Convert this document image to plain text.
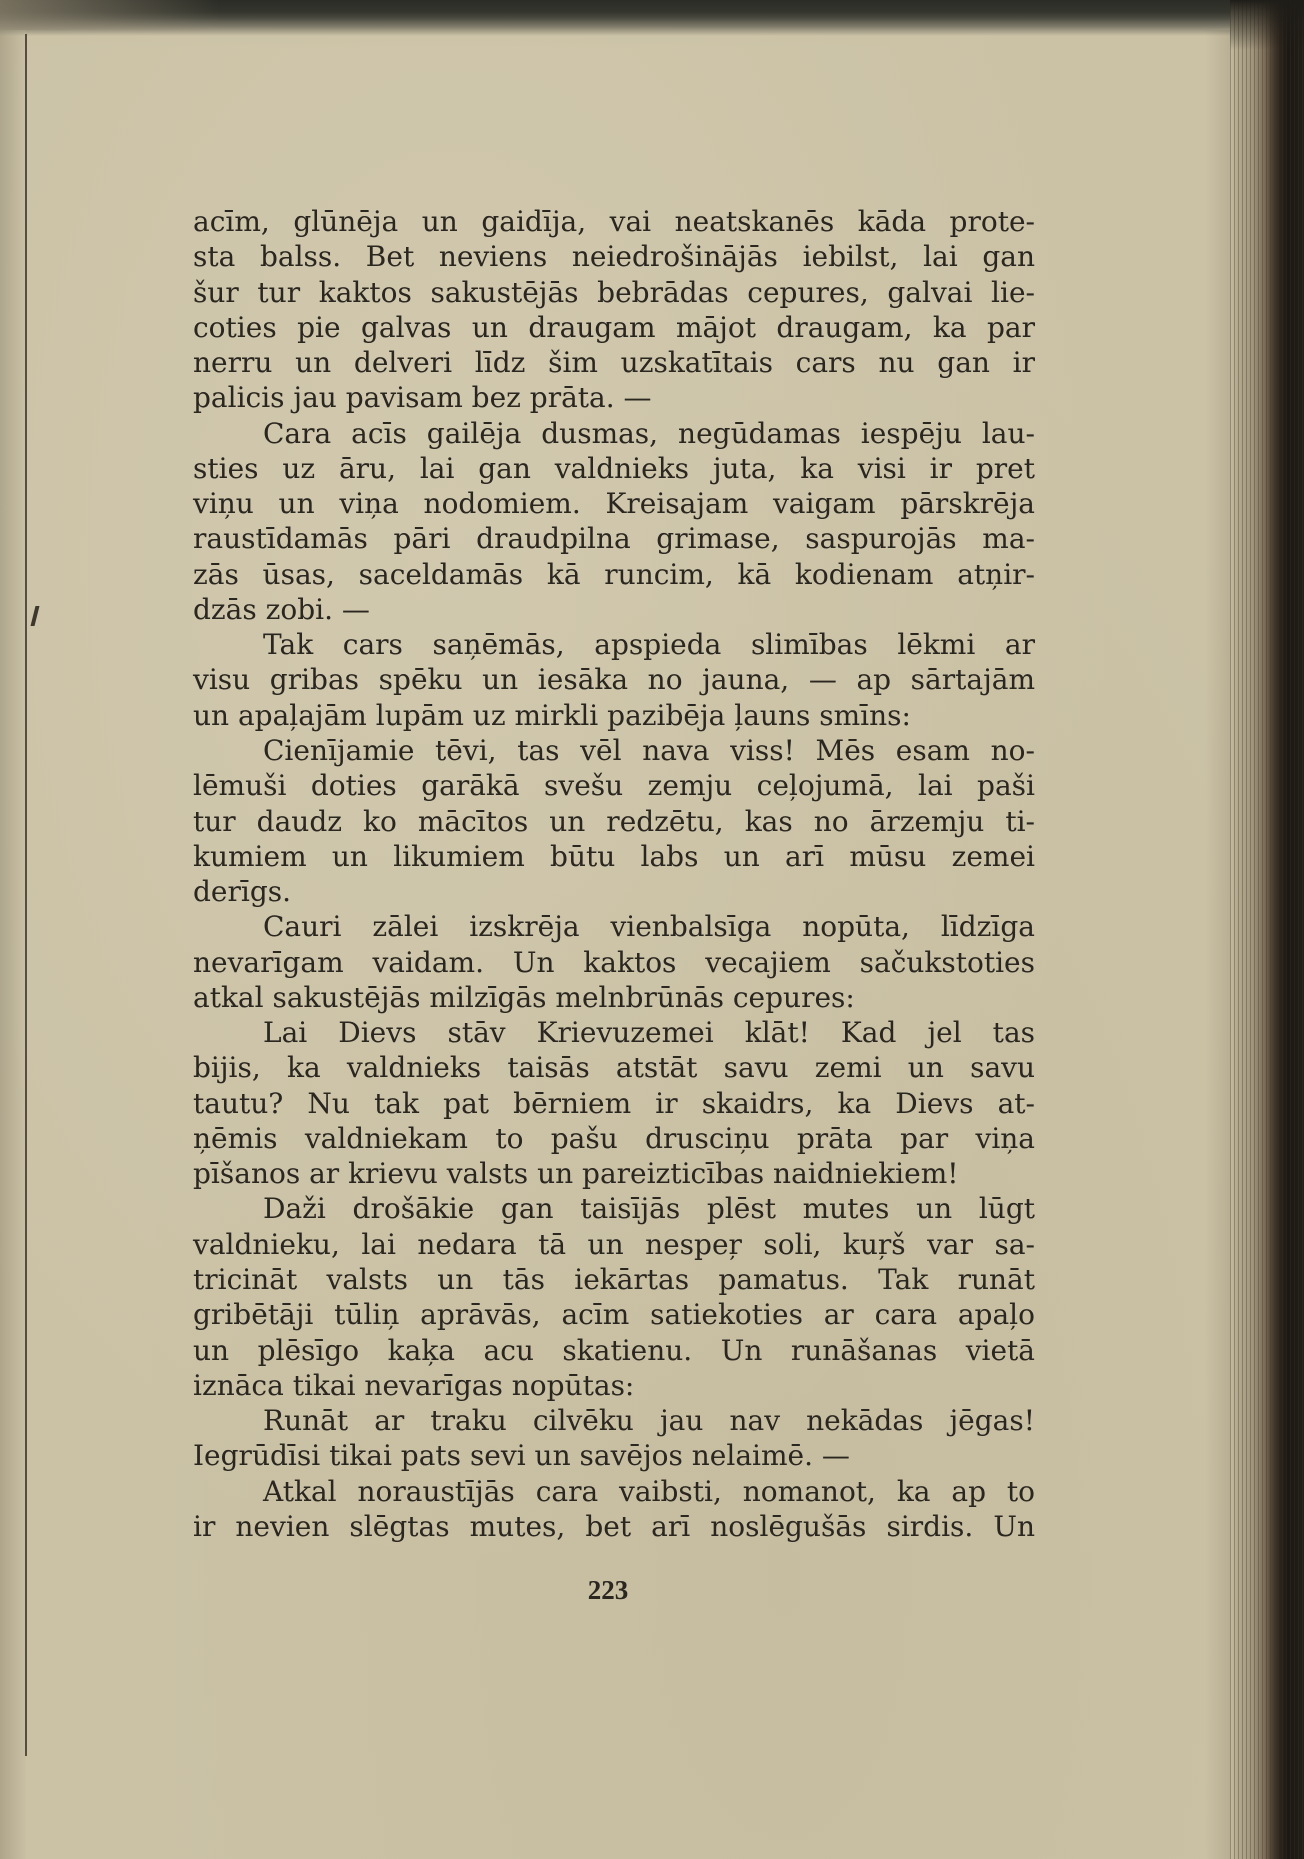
acīm, glūnēja un gaidīja, vai neatskanēs kāda prote-
sta balss. Bet neviens neiedrošinājās iebilst, lai gan
šur tur kaktos sakustējās bebrādas cepures, galvai lie-
coties pie galvas un draugam mājot draugam, ka par
nerru un delveri līdz šim uzskatītais cars nu gan ir
palicis jau pavisam bez prāta. —
Cara acīs gailēja dusmas, negūdamas iespēju lau-
sties uz āru, lai gan valdnieks juta, ka visi ir pret
viņu un viņa nodomiem. Kreisajam vaigam pārskrēja
raustīdamās pāri draudpilna grimase, saspurojās ma-
zās ūsas, saceldamās kā runcim, kā kodienam atņir-
dzās zobi. —
Tak cars saņēmās, apspieda slimības lēkmi ar
visu gribas spēku un iesāka no jauna, — ap sārtajām
un apaļajām lupām uz mirkli pazibēja ļauns smīns:
Cienījamie tēvi, tas vēl nava viss! Mēs esam no-
lēmuši doties garākā svešu zemju ceļojumā, lai paši
tur daudz ko mācītos un redzētu, kas no ārzemju ti-
kumiem un likumiem būtu labs un arī mūsu zemei
derīgs.
Cauri zālei izskrēja vienbalsīga nopūta, līdzīga
nevarīgam vaidam. Un kaktos vecajiem sačukstoties
atkal sakustējās milzīgās melnbrūnās cepures:
Lai Dievs stāv Krievuzemei klāt! Kad jel tas
bijis, ka valdnieks taisās atstāt savu zemi un savu
tautu? Nu tak pat bērniem ir skaidrs, ka Dievs at-
ņēmis valdniekam to pašu drusciņu prāta par viņa
pīšanos ar krievu valsts un pareizticības naidniekiem!
Daži drošākie gan taisījās plēst mutes un lūgt
valdnieku, lai nedara tā un nespeŗ soli, kuŗš var sa-
tricināt valsts un tās iekārtas pamatus. Tak runāt
gribētāji tūliņ aprāvās, acīm satiekoties ar cara apaļo
un plēsīgo kaķa acu skatienu. Un runāšanas vietā
iznāca tikai nevarīgas nopūtas:
Runāt ar traku cilvēku jau nav nekādas jēgas!
Iegrūdīsi tikai pats sevi un savējos nelaimē. —
Atkal noraustījās cara vaibsti, nomanot, ka ap to
ir nevien slēgtas mutes, bet arī noslēgušās sirdis. Un
223
